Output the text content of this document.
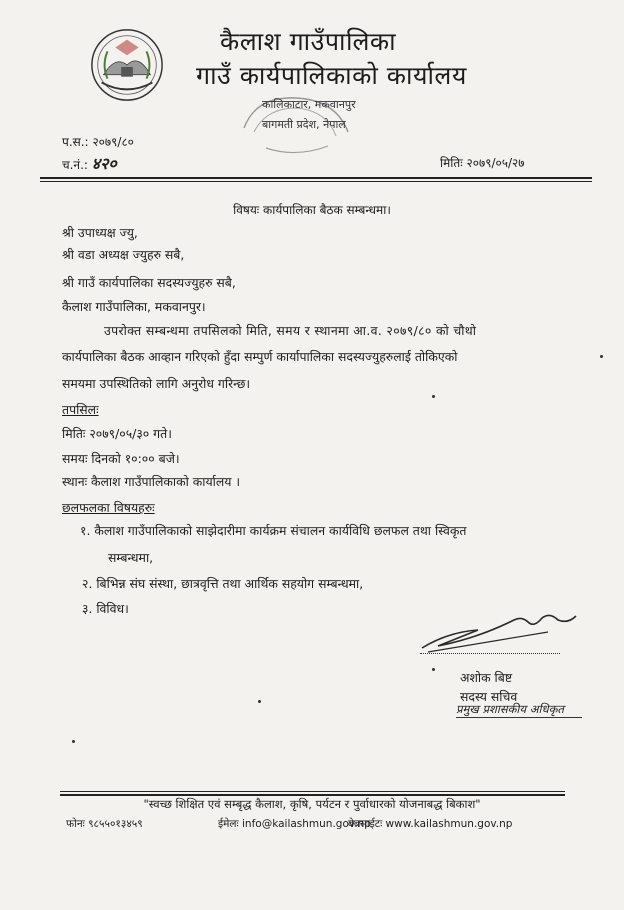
कैलाश गाउँपालिका
गाउँ कार्यपालिकाको कार्यालय
कालिकाटार, मकवानपुर
बागमती प्रदेश, नेपाल
प.स.: २०७९/८०
च.नं.: ४२०	मितिः २०७९/०५/२७
विषयः कार्यपालिका बैठक सम्बन्धमा।
श्री उपाध्यक्ष ज्यु,
श्री वडा अध्यक्ष ज्युहरु सबै,
श्री गाउँ कार्यपालिका सदस्यज्युहरु सबै,
कैलाश गाउँपालिका, मकवानपुर।
उपरोक्त सम्बन्धमा तपसिलको मिति, समय र स्थानमा आ.व. २०७९/८० को चौथो
कार्यपालिका बैठक आव्हान गरिएको हुँदा सम्पुर्ण कार्यापालिका सदस्यज्युहरुलाई तोकिएको
समयमा उपस्थितिको लागि अनुरोध गरिन्छ।
तपसिलः
मितिः २०७९/०५/३० गते।
समयः दिनको १०:०० बजे।
स्थानः कैलाश गाउँपालिकाको कार्यालय ।
छलफलका विषयहरुः
१. कैलाश गाउँपालिकाको साझेदारीमा कार्यक्रम संचालन कार्यविधि छलफल तथा स्विकृत
सम्बन्धमा,
२. बिभिन्न संघ संस्था, छात्रवृत्ति तथा आर्थिक सहयोग सम्बन्धमा,
३. विविध।
अशोक बिष्ट
सदस्य सचिव
प्रमुख प्रशासकीय अधिकृत
"स्वच्छ शिक्षित एवं सम्बृद्ध कैलाश, कृषि, पर्यटन र पुर्वाधारको योजनाबद्ध बिकाश"
फोनः ९८५५०१३४५९	ईमेलः info@kailashmun.gov.np
वेबसाईटः www.kailashmun.gov.np
